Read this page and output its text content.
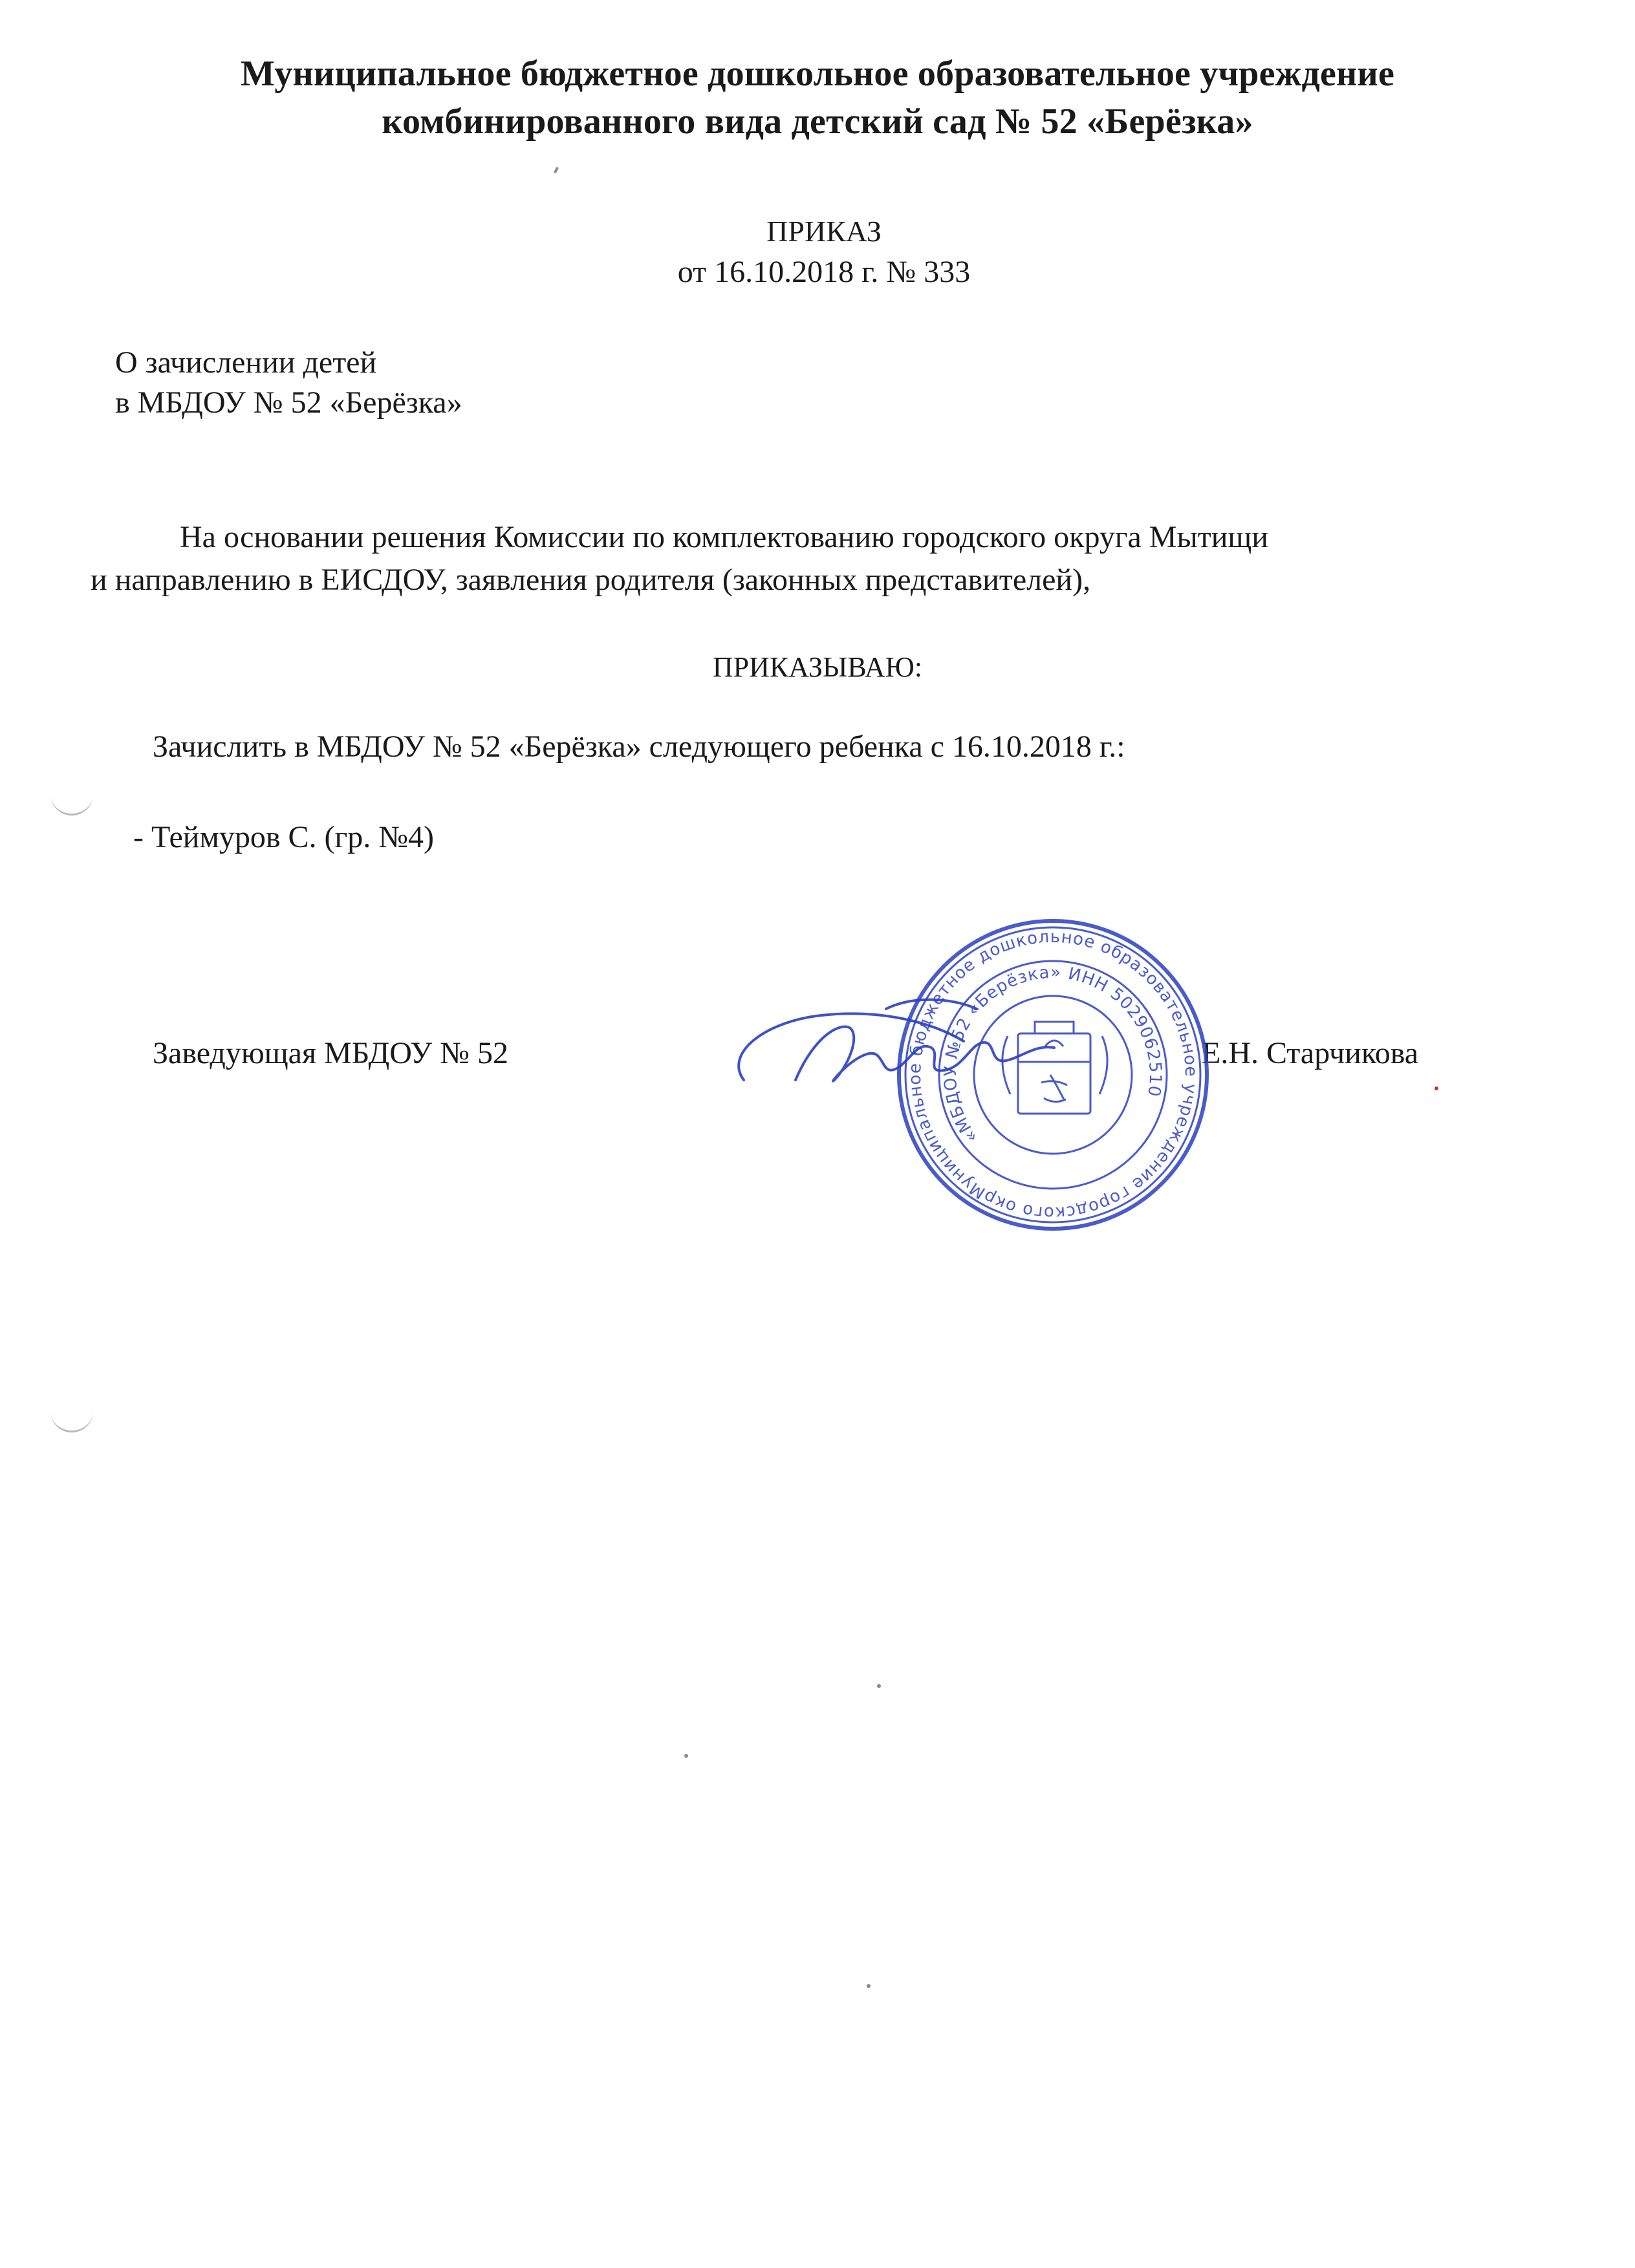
Муниципальное бюджетное дошкольное образовательное учреждение
комбинированного вида детский сад № 52 «Берёзка»
ПРИКАЗ
от 16.10.2018 г. № 333
О зачислении детей
в МБДОУ № 52 «Берёзка»
На основании решения Комиссии по комплектованию городского округа Мытищи
и направлению в ЕИСДОУ, заявления родителя (законных представителей),
ПРИКАЗЫВАЮ:
Зачислить в МБДОУ № 52 «Берёзка» следующего ребенка с 16.10.2018 г.:
- Теймуров С. (гр. №4)
Заведующая МБДОУ № 52	Е.Н. Старчикова
Муниципальное бюджетное дошкольное образовательное учреждение городского округа	«МБДОУ №52 «Берёзка» ИНН 5029062510
